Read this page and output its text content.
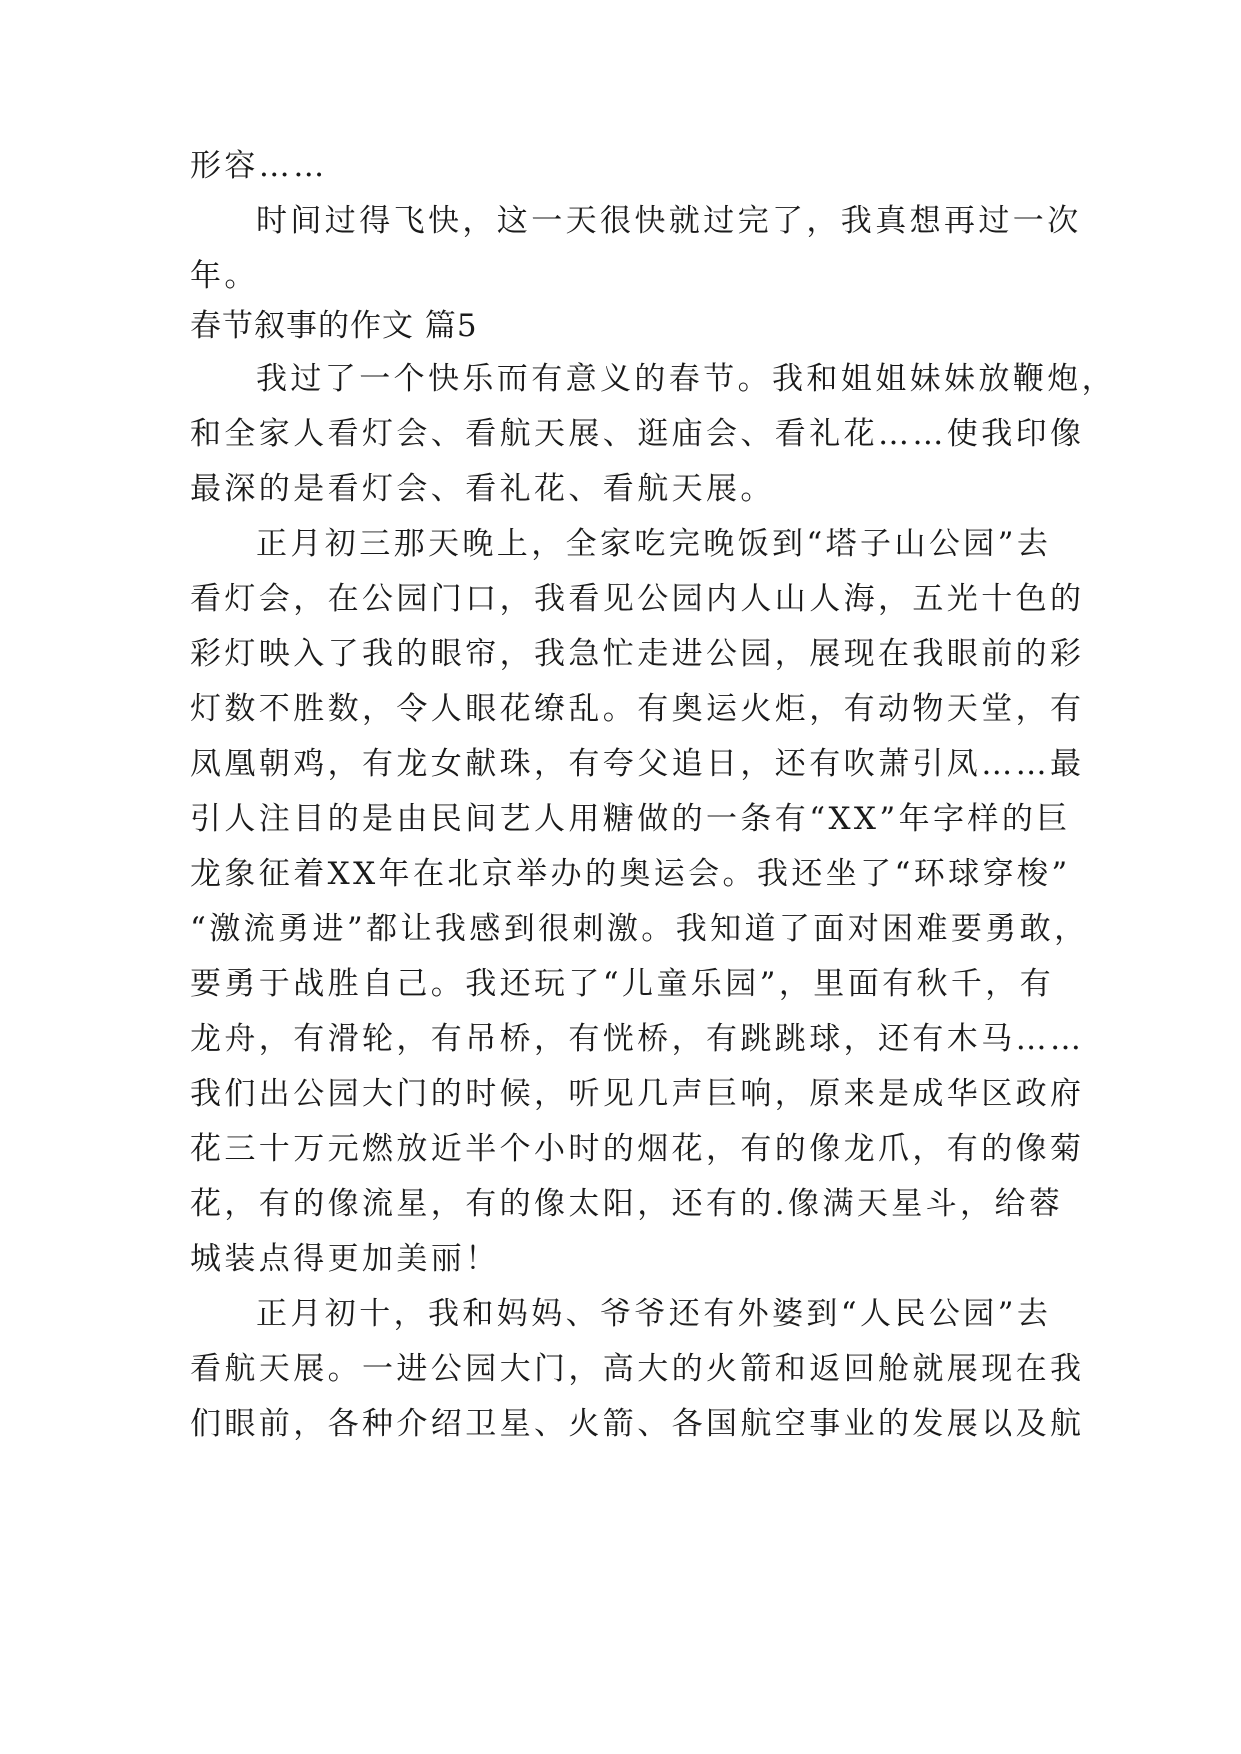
形容……
时间过得飞快，这一天很快就过完了，我真想再过一次
年。
春节叙事的作文 篇5
我过了一个快乐而有意义的春节。我和姐姐妹妹放鞭炮，
和全家人看灯会、看航天展、逛庙会、看礼花……使我印像
最深的是看灯会、看礼花、看航天展。
正月初三那天晚上，全家吃完晚饭到“塔子山公园”去
看灯会，在公园门口，我看见公园内人山人海，五光十色的
彩灯映入了我的眼帘，我急忙走进公园，展现在我眼前的彩
灯数不胜数，令人眼花缭乱。有奥运火炬，有动物天堂，有
凤凰朝鸡，有龙女献珠，有夸父追日，还有吹萧引凤……最
引人注目的是由民间艺人用糖做的一条有“XX”年字样的巨
龙象征着XX年在北京举办的奥运会。我还坐了“环球穿梭”
“激流勇进”都让我感到很刺激。我知道了面对困难要勇敢，
要勇于战胜自己。我还玩了“儿童乐园”，里面有秋千，有
龙舟，有滑轮，有吊桥，有恍桥，有跳跳球，还有木马……
我们出公园大门的时候，听见几声巨响，原来是成华区政府
花三十万元燃放近半个小时的烟花，有的像龙爪，有的像菊
花，有的像流星，有的像太阳，还有的.像满天星斗，给蓉
城装点得更加美丽！
正月初十，我和妈妈、爷爷还有外婆到“人民公园”去
看航天展。一进公园大门，高大的火箭和返回舱就展现在我
们眼前，各种介绍卫星、火箭、各国航空事业的发展以及航
